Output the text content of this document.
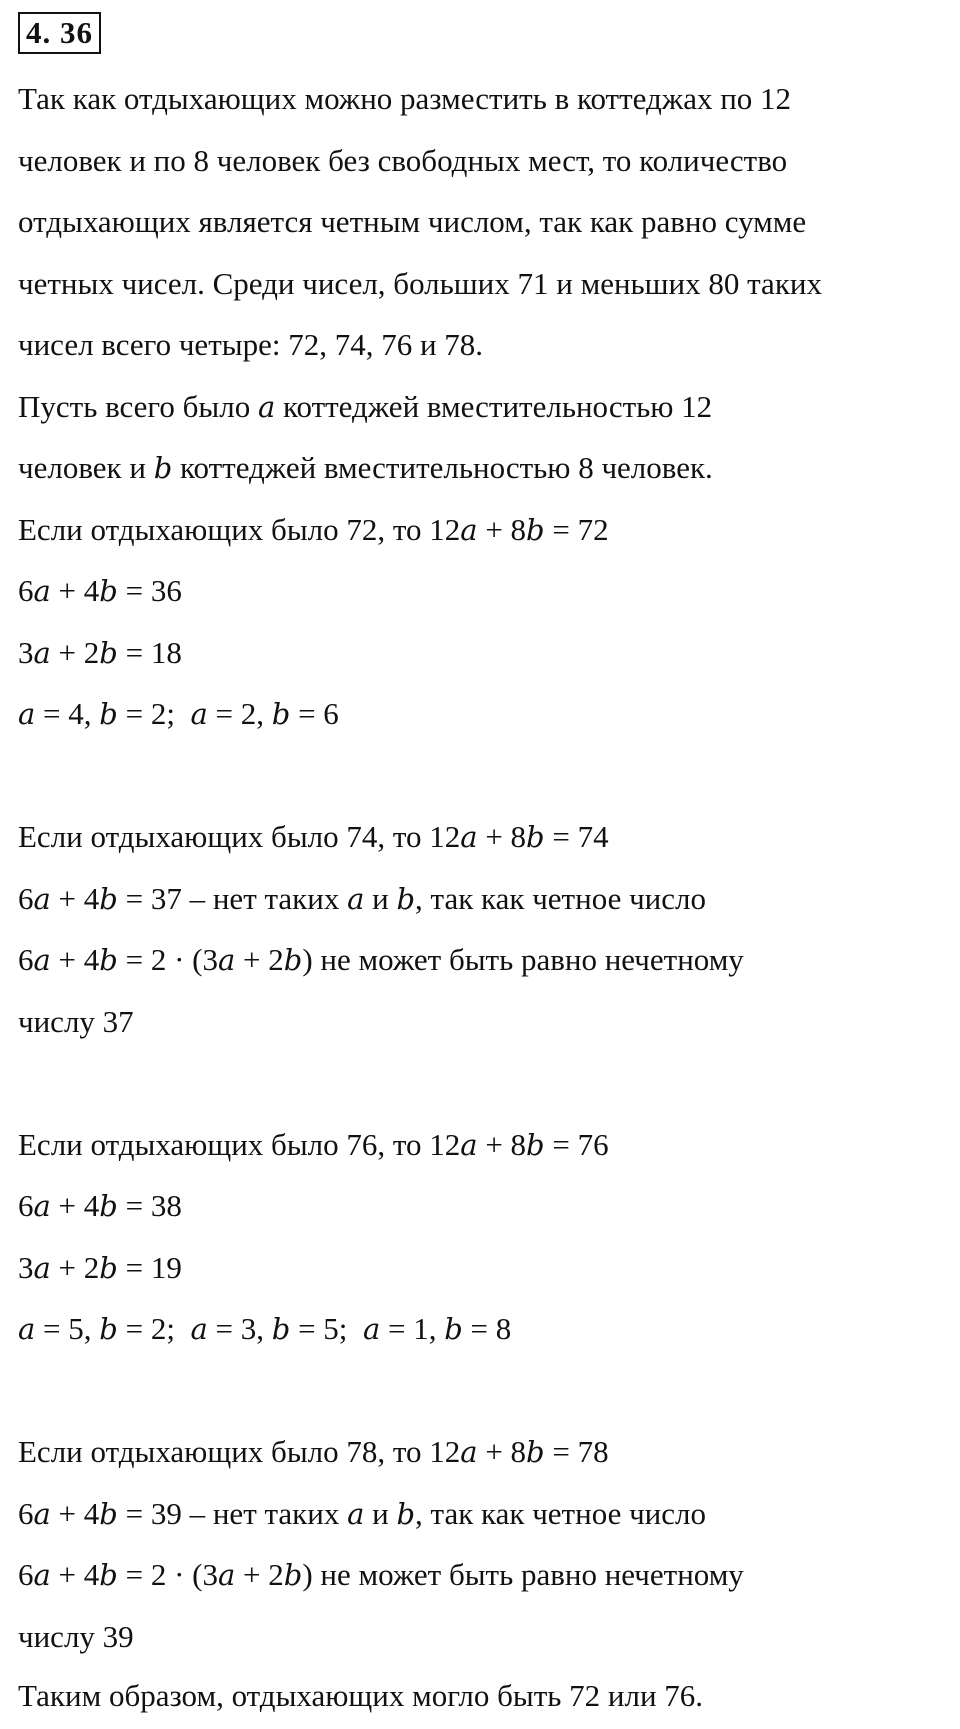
4. 36
Так как отдыхающих можно разместить в коттеджах по 12
человек и по 8 человек без свободных мест, то количество
отдыхающих является четным числом, так как равно сумме
четных чисел. Среди чисел, больших 71 и меньших 80 таких
чисел всего четыре: 72, 74, 76 и 78.
Пусть всего было a коттеджей вместительностью 12
человек и b коттеджей вместительностью 8 человек.
Если отдыхающих было 72, то 12a + 8b = 72
6a + 4b = 36
3a + 2b = 18
a = 4, b = 2;  a = 2, b = 6
Если отдыхающих было 74, то 12a + 8b = 74
6a + 4b = 37 – нет таких a и b, так как четное число
6a + 4b = 2 · (3a + 2b) не может быть равно нечетному
числу 37
Если отдыхающих было 76, то 12a + 8b = 76
6a + 4b = 38
3a + 2b = 19
a = 5, b = 2;  a = 3, b = 5;  a = 1, b = 8
Если отдыхающих было 78, то 12a + 8b = 78
6a + 4b = 39 – нет таких a и b, так как четное число
6a + 4b = 2 · (3a + 2b) не может быть равно нечетному
числу 39
Таким образом, отдыхающих могло быть 72 или 76.
